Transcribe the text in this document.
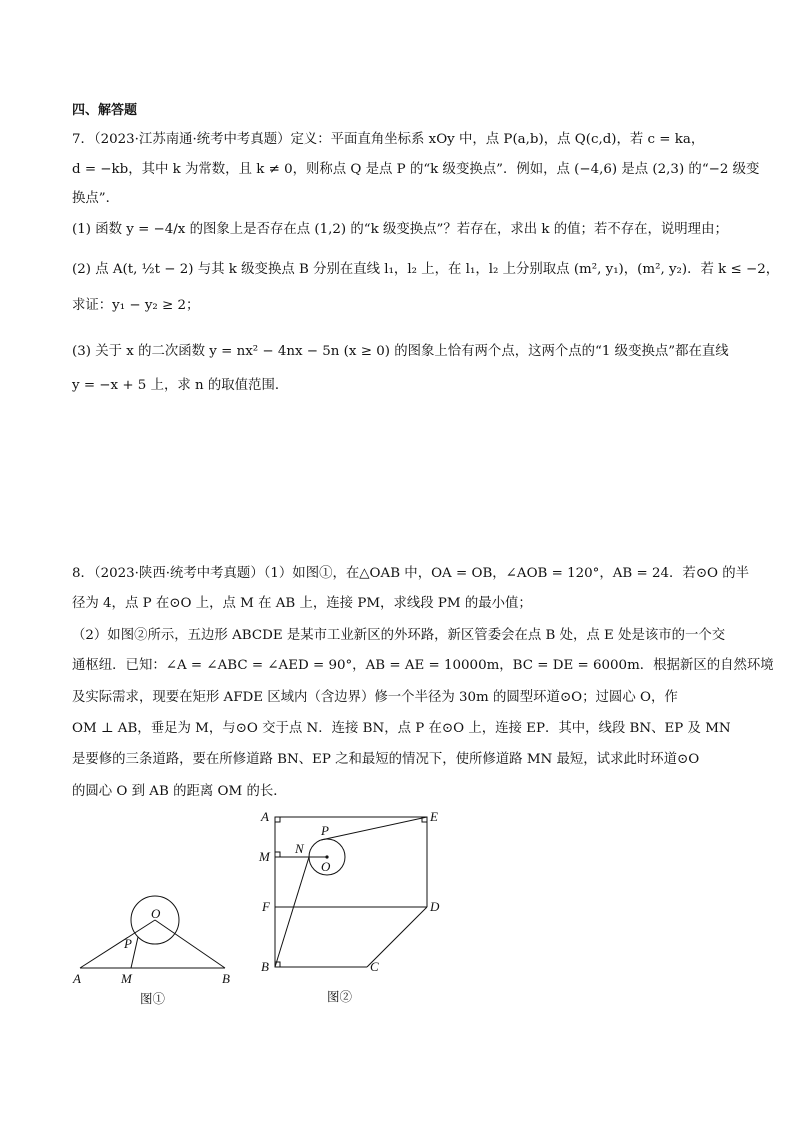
四、解答题
7．（2023·江苏南通·统考中考真题）定义：平面直角坐标系 xOy 中，点 P(a,b)，点 Q(c,d)，若 c = ka，
d = −kb，其中 k 为常数，且 k ≠ 0，则称点 Q 是点 P 的“k 级变换点”．例如，点 (−4,6) 是点 (2,3) 的“−2 级变
换点”．
(1) 函数 y = −4/x 的图象上是否存在点 (1,2) 的“k 级变换点”？若存在，求出 k 的值；若不存在，说明理由；
(2) 点 A(t, ½t − 2) 与其 k 级变换点 B 分别在直线 l₁，l₂ 上，在 l₁，l₂ 上分别取点 (m², y₁)，(m², y₂)．若 k ≤ −2，
求证：y₁ − y₂ ≥ 2；
(3) 关于 x 的二次函数 y = nx² − 4nx − 5n (x ≥ 0) 的图象上恰有两个点，这两个点的“1 级变换点”都在直线
y = −x + 5 上，求 n 的取值范围．
8．（2023·陕西·统考中考真题）（1）如图①，在△OAB 中，OA = OB，∠AOB = 120°，AB = 24．若⊙O 的半
径为 4，点 P 在⊙O 上，点 M 在 AB 上，连接 PM，求线段 PM 的最小值；
（2）如图②所示，五边形 ABCDE 是某市工业新区的外环路，新区管委会在点 B 处，点 E 处是该市的一个交
通枢纽．已知：∠A = ∠ABC = ∠AED = 90°，AB = AE = 10000m，BC = DE = 6000m．根据新区的自然环境
及实际需求，现要在矩形 AFDE 区域内（含边界）修一个半径为 30m 的圆型环道⊙O；过圆心 O，作
OM ⊥ AB，垂足为 M，与⊙O 交于点 N．连接 BN，点 P 在⊙O 上，连接 EP．其中，线段 BN、EP 及 MN
是要修的三条道路，要在所修道路 BN、EP 之和最短的情况下，使所修道路 MN 最短，试求此时环道⊙O
的圆心 O 到 AB 的距离 OM 的长．
O
P
A	M	B
图①
A	E
P
M
N
O
F	D
B	C
图②
